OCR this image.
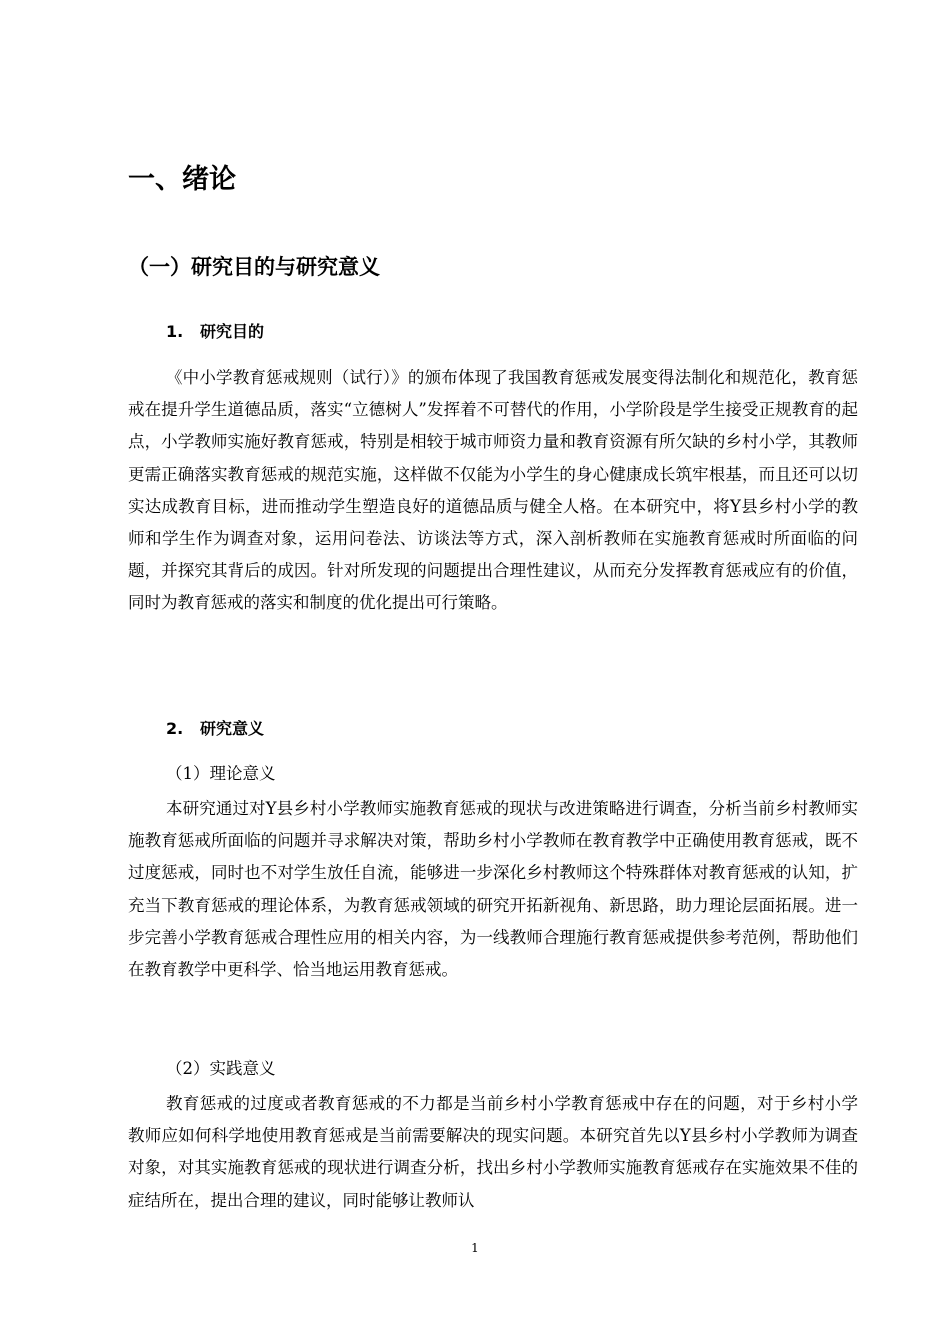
一、绪论
（一）研究目的与研究意义
1. 研究目的

《中小学教育惩戒规则（试行）》的颁布体现了我国教育惩戒发展变得法制化和规范化，教育惩戒在提升学生道德品质，落实“立德树人”发挥着不可替代的作用，小学阶段是学生接受正规教育的起点，小学教师实施好教育惩戒，特别是相较于城市师资力量和教育资源有所欠缺的乡村小学，其教师更需正确落实教育惩戒的规范实施，这样做不仅能为小学生的身心健康成长筑牢根基，而且还可以切实达成教育目标，进而推动学生塑造良好的道德品质与健全人格。在本研究中，将Y县乡村小学的教师和学生作为调查对象，运用问卷法、访谈法等方式，深入剖析教师在实施教育惩戒时所面临的问题，并探究其背后的成因。针对所发现的问题提出合理性建议，从而充分发挥教育惩戒应有的价值，同时为教育惩戒的落实和制度的优化提出可行策略。

2. 研究意义

（1）理论意义

本研究通过对Y县乡村小学教师实施教育惩戒的现状与改进策略进行调查，分析当前乡村教师实施教育惩戒所面临的问题并寻求解决对策，帮助乡村小学教师在教育教学中正确使用教育惩戒，既不过度惩戒，同时也不对学生放任自流，能够进一步深化乡村教师这个特殊群体对教育惩戒的认知，扩充当下教育惩戒的理论体系，为教育惩戒领域的研究开拓新视角、新思路，助力理论层面拓展。进一步完善小学教育惩戒合理性应用的相关内容，为一线教师合理施行教育惩戒提供参考范例，帮助他们在教育教学中更科学、恰当地运用教育惩戒。

（2）实践意义

教育惩戒的过度或者教育惩戒的不力都是当前乡村小学教育惩戒中存在的问题，对于乡村小学教师应如何科学地使用教育惩戒是当前需要解决的现实问题。本研究首先以Y县乡村小学教师为调查对象，对其实施教育惩戒的现状进行调查分析，找出乡村小学教师实施教育惩戒存在实施效果不佳的症结所在，提出合理的建议，同时能够让教师认

1
